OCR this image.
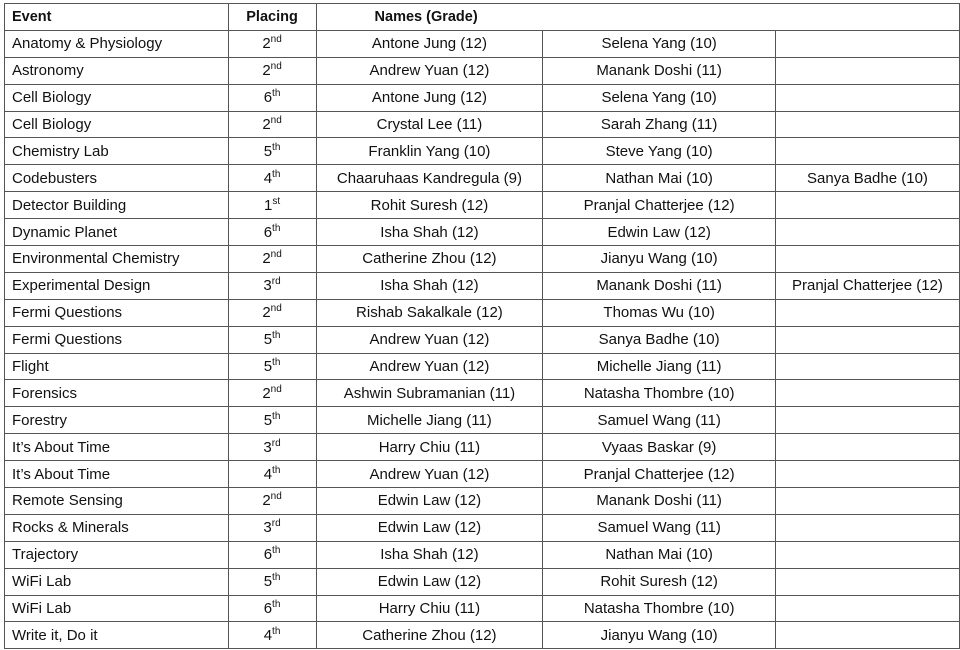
Event	Placing	Names (Grade)		
Anatomy & Physiology	2nd	Antone Jung (12)	Selena Yang (10)	
Astronomy	2nd	Andrew Yuan (12)	Manank Doshi (11)	
Cell Biology	6th	Antone Jung (12)	Selena Yang (10)	
Cell Biology	2nd	Crystal Lee (11)	Sarah Zhang (11)	
Chemistry Lab	5th	Franklin Yang (10)	Steve Yang (10)	
Codebusters	4th	Chaaruhaas Kandregula (9)	Nathan Mai (10)	Sanya Badhe (10)
Detector Building	1st	Rohit Suresh (12)	Pranjal Chatterjee (12)	
Dynamic Planet	6th	Isha Shah (12)	Edwin Law (12)	
Environmental Chemistry	2nd	Catherine Zhou (12)	Jianyu Wang (10)	
Experimental Design	3rd	Isha Shah (12)	Manank Doshi (11)	Pranjal Chatterjee (12)
Fermi Questions	2nd	Rishab Sakalkale (12)	Thomas Wu (10)	
Fermi Questions	5th	Andrew Yuan (12)	Sanya Badhe (10)	
Flight	5th	Andrew Yuan (12)	Michelle Jiang (11)	
Forensics	2nd	Ashwin Subramanian (11)	Natasha Thombre (10)	
Forestry	5th	Michelle Jiang (11)	Samuel Wang (11)	
It’s About Time	3rd	Harry Chiu (11)	Vyaas Baskar (9)	
It’s About Time	4th	Andrew Yuan (12)	Pranjal Chatterjee (12)	
Remote Sensing	2nd	Edwin Law (12)	Manank Doshi (11)	
Rocks & Minerals	3rd	Edwin Law (12)	Samuel Wang (11)	
Trajectory	6th	Isha Shah (12)	Nathan Mai (10)	
WiFi Lab	5th	Edwin Law (12)	Rohit Suresh (12)	
WiFi Lab	6th	Harry Chiu (11)	Natasha Thombre (10)	
Write it, Do it	4th	Catherine Zhou (12)	Jianyu Wang (10)	
